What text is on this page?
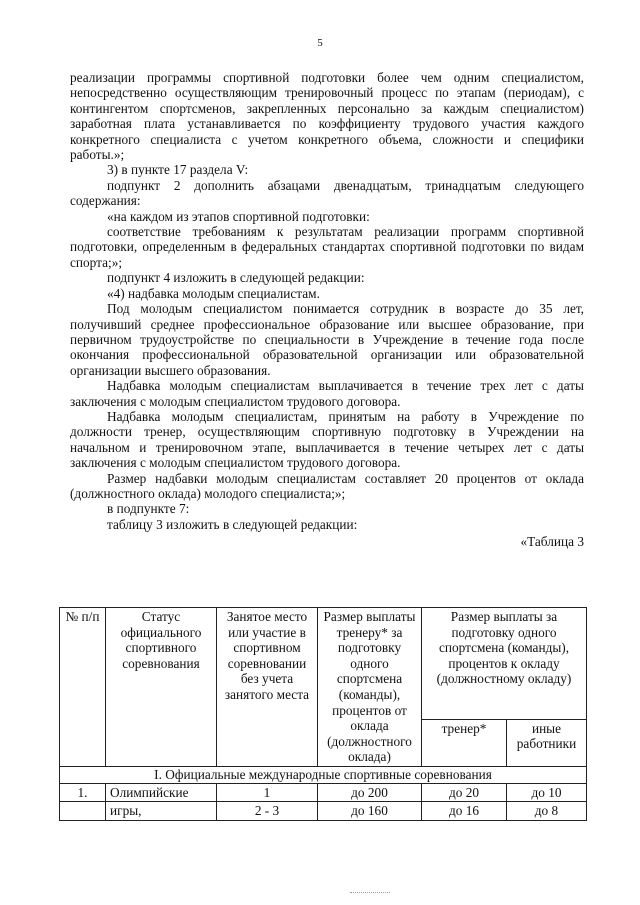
5

реализации программы спортивной подготовки более чем одним специалистом, непосредственно осуществляющим тренировочный процесс по этапам (периодам), с контингентом спортсменов, закрепленных персонально за каждым специалистом) заработная плата устанавливается по коэффициенту трудового участия каждого конкретного специалиста с учетом конкретного объема, сложности и специфики работы.»;

3) в пункте 17 раздела V:

подпункт 2 дополнить абзацами двенадцатым, тринадцатым следующего содержания:

«на каждом из этапов спортивной подготовки:

соответствие требованиям к результатам реализации программ спортивной подготовки, определенным в федеральных стандартах спортивной подготовки по видам спорта;»;

подпункт 4 изложить в следующей редакции:

«4) надбавка молодым специалистам.

Под молодым специалистом понимается сотрудник в возрасте до 35 лет, получивший среднее профессиональное образование или высшее образование, при первичном трудоустройстве по специальности в Учреждение в течение года после окончания профессиональной образовательной организации или образовательной организации высшего образования.

Надбавка молодым специалистам выплачивается в течение трех лет с даты заключения с молодым специалистом трудового договора.

Надбавка молодым специалистам, принятым на работу в Учреждение по должности тренер, осуществляющим спортивную подготовку в Учреждении на начальном и тренировочном этапе, выплачивается в течение четырех лет с даты заключения с молодым специалистом трудового договора.

Размер надбавки молодым специалистам составляет 20 процентов от оклада (должностного оклада) молодого специалиста;»;

в подпункте 7:

таблицу 3 изложить в следующей редакции:

«Таблица 3

№ п/п	Статус официального спортивного соревнования	Занятое место или участие в спортивном соревновании без учета занятого места	Размер выплаты тренеру* за подготовку одного спортсмена (команды), процентов от оклада (должностного оклада)	Размер выплаты за подготовку одного спортсмена (команды), процентов к окладу (должностному окладу)	
				тренер*	иные работники
I. Официальные международные спортивные соревнования					
1.	Олимпийские	1	до 200	до 20	до 10
	игры,	2 - 3	до 160	до 16	до 8
